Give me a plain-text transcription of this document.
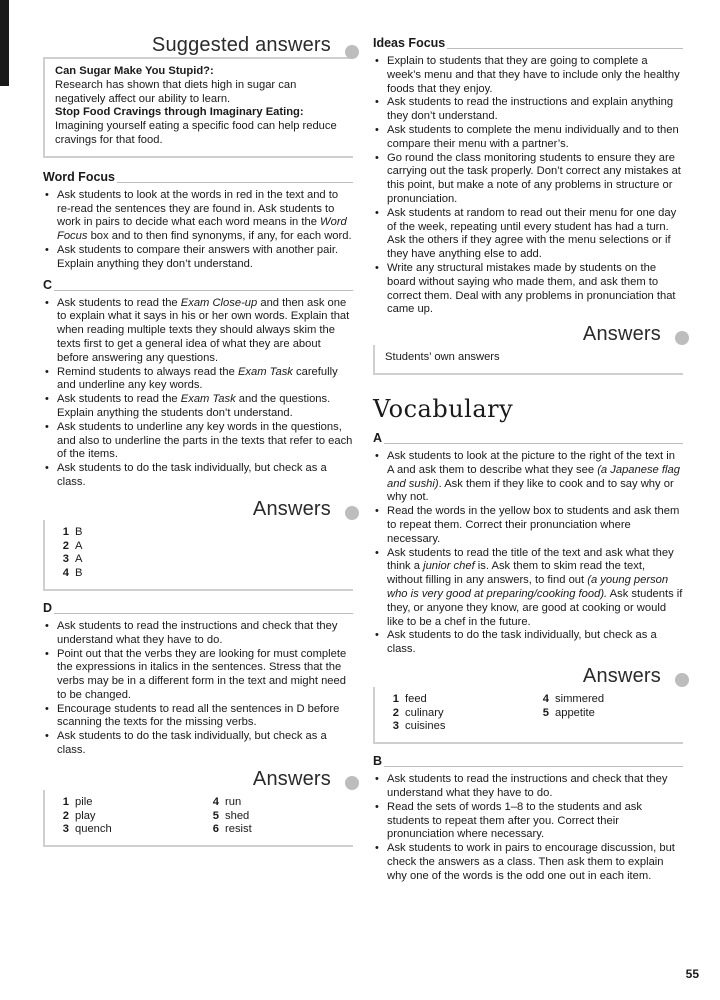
Suggested answers
Can Sugar Make You Stupid?:
Research has shown that diets high in sugar can negatively affect our ability to learn.
Stop Food Cravings through Imaginary Eating:
Imagining yourself eating a specific food can help reduce cravings for that food.
Word Focus
• Ask students to look at the words in red in the text and to re-read the sentences they are found in. Ask students to work in pairs to decide what each word means in the Word Focus box and to then find synonyms, if any, for each word.
• Ask students to compare their answers with another pair. Explain anything they don’t understand.
C
• Ask students to read the Exam Close-up and then ask one to explain what it says in his or her own words. Explain that when reading multiple texts they should always skim the texts first to get a general idea of what they are about before answering any questions.
• Remind students to always read the Exam Task carefully and underline any key words.
• Ask students to read the Exam Task and the questions. Explain anything the students don’t understand.
• Ask students to underline any key words in the questions, and also to underline the parts in the texts that refer to each of the items.
• Ask students to do the task individually, but check as a class.
Answers
1 B
2 A
3 A
4 B
D
• Ask students to read the instructions and check that they understand what they have to do.
• Point out that the verbs they are looking for must complete the expressions in italics in the sentences. Stress that the verbs may be in a different form in the text and might need to be changed.
• Encourage students to read all the sentences in D before scanning the texts for the missing verbs.
• Ask students to do the task individually, but check as a class.
Answers
1 pile	4 run
2 play	5 shed
3 quench	6 resist
Ideas Focus
• Explain to students that they are going to complete a week’s menu and that they have to include only the healthy foods that they enjoy.
• Ask students to read the instructions and explain anything they don’t understand.
• Ask students to complete the menu individually and to then compare their menu with a partner’s.
• Go round the class monitoring students to ensure they are carrying out the task properly. Don’t correct any mistakes at this point, but make a note of any problems in structure or pronunciation.
• Ask students at random to read out their menu for one day of the week, repeating until every student has had a turn. Ask the others if they agree with the menu selections or if they have anything else to add.
• Write any structural mistakes made by students on the board without saying who made them, and ask them to correct them. Deal with any problems in pronunciation that came up.
Answers
Students’ own answers
Vocabulary
A
• Ask students to look at the picture to the right of the text in A and ask them to describe what they see (a Japanese flag and sushi). Ask them if they like to cook and to say why or why not.
• Read the words in the yellow box to students and ask them to repeat them. Correct their pronunciation where necessary.
• Ask students to read the title of the text and ask what they think a junior chef is. Ask them to skim read the text, without filling in any answers, to find out (a young person who is very good at preparing/cooking food). Ask students if they, or anyone they know, are good at cooking or would like to be a chef in the future.
• Ask students to do the task individually, but check as a class.
Answers
1 feed	4 simmered
2 culinary	5 appetite
3 cuisines
B
• Ask students to read the instructions and check that they understand what they have to do.
• Read the sets of words 1–8 to the students and ask students to repeat them after you. Correct their pronunciation where necessary.
• Ask students to work in pairs to encourage discussion, but check the answers as a class. Then ask them to explain why one of the words is the odd one out in each item.
55
